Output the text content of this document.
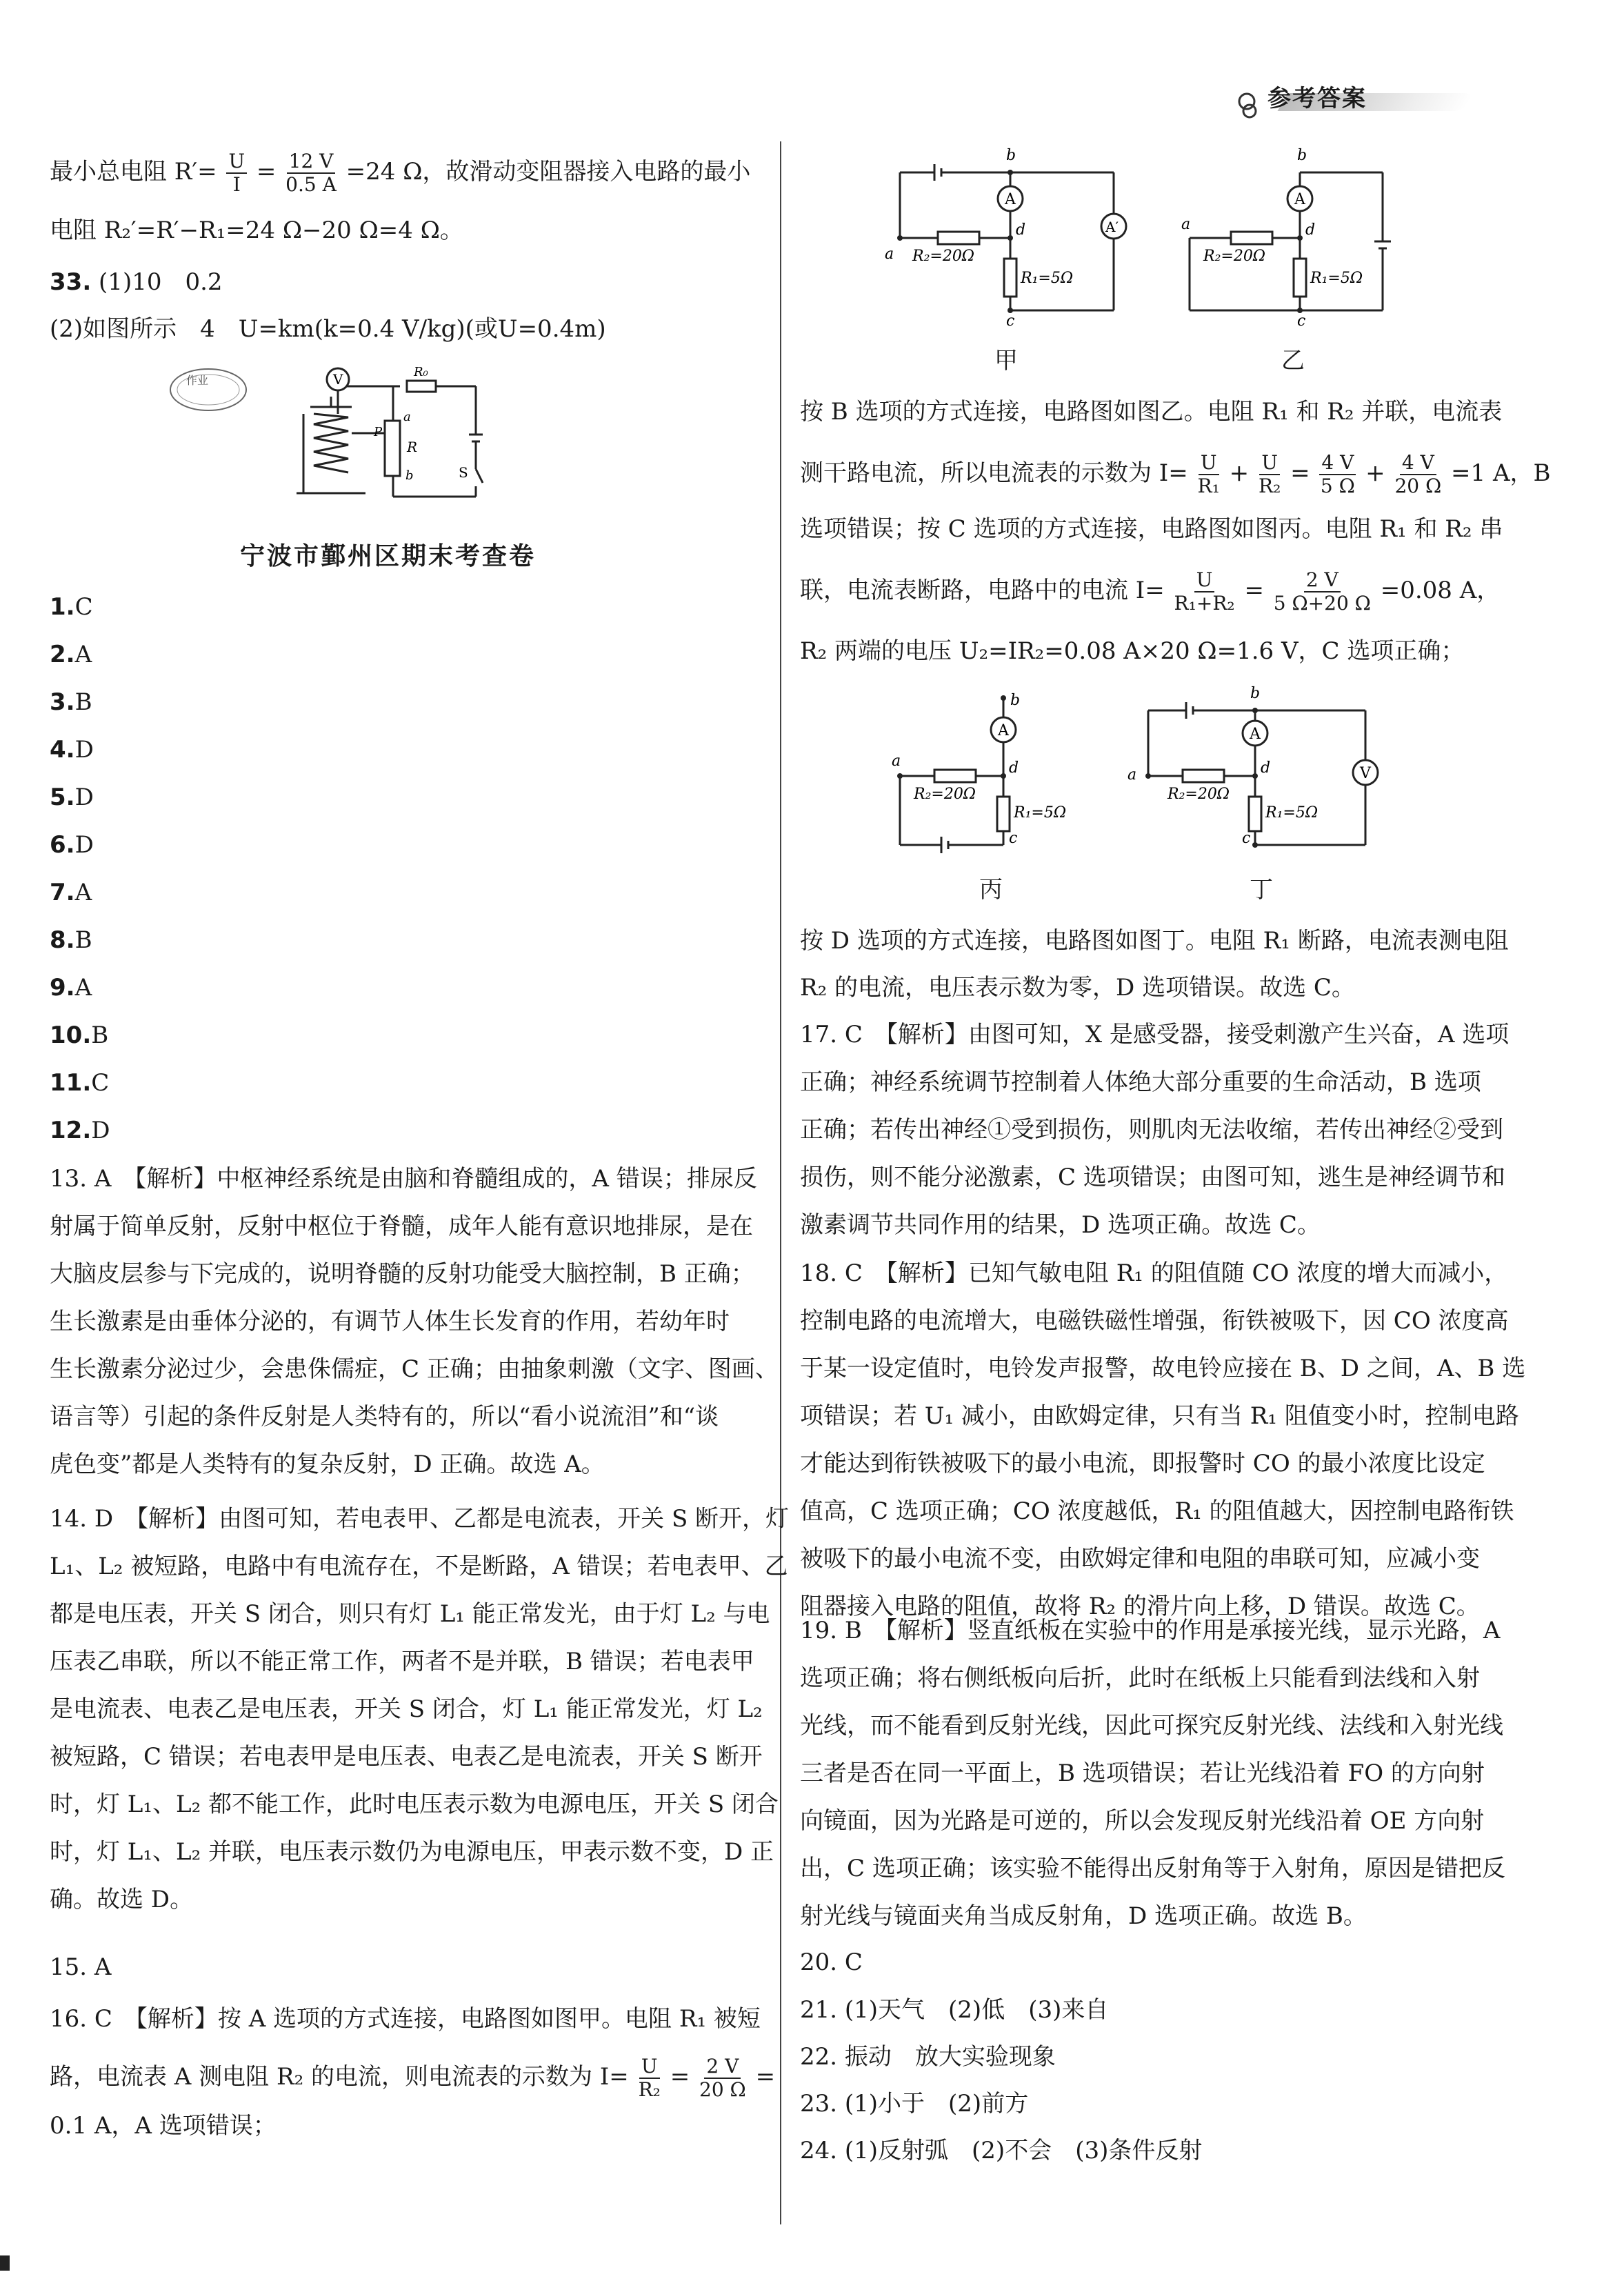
参考答案
最小总电阻 $R'= \frac{U}{I} = \frac{12 V}{0.5 A} =24$ Ω，故滑动变阻器接入电路的最小
电阻 R₂′=R′−R₁=24 Ω−20 Ω=4 Ω。
33. (1)10　0.2
(2)如图所示　4　U=km(k=0.4 V/kg)(或U=0.4m)
作业	V	R₀
a
P
R
b	S
宁波市鄞州区期末考查卷
1.C
2.A
3.B
4.D
5.D
6.D
7.A
8.B
9.A
10.B
11.C
12.D
13. A　【解析】中枢神经系统是由脑和脊髓组成的，A 错误；排尿反
射属于简单反射，反射中枢位于脊髓，成年人能有意识地排尿，是在
大脑皮层参与下完成的，说明脊髓的反射功能受大脑控制，B 正确；
生长激素是由垂体分泌的，有调节人体生长发育的作用，若幼年时
生长激素分泌过少，会患侏儒症，C 正确；由抽象刺激（文字、图画、
语言等）引起的条件反射是人类特有的，所以“看小说流泪”和“谈
虎色变”都是人类特有的复杂反射，D 正确。故选 A。
14. D　【解析】由图可知，若电表甲、乙都是电流表，开关 S 断开，灯
L₁、L₂ 被短路，电路中有电流存在，不是断路，A 错误；若电表甲、乙
都是电压表，开关 S 闭合，则只有灯 L₁ 能正常发光，由于灯 L₂ 与电
压表乙串联，所以不能正常工作，两者不是并联，B 错误；若电表甲
是电流表、电表乙是电压表，开关 S 闭合，灯 L₁ 能正常发光，灯 L₂
被短路，C 错误；若电表甲是电压表、电表乙是电流表，开关 S 断开
时，灯 L₁、L₂ 都不能工作，此时电压表示数为电源电压，开关 S 闭合
时，灯 L₁、L₂ 并联，电压表示数仍为电源电压，甲表示数不变，D 正
确。故选 D。
15. A
16. C　【解析】按 A 选项的方式连接，电路图如图甲。电阻 R₁ 被短
路，电流表 A 测电阻 R₂ 的电流，则电流表的示数为 $I= \frac{U}{\text{R₂}} = \frac{2 V}{20 \Omega}$ =
0.1 A，A 选项错误；
A
A′
b
a
d
c
R₂=20Ω
R₁=5Ω
甲
A
b
a	d
c
R₂=20Ω
R₁=5Ω
乙
按 B 选项的方式连接，电路图如图乙。电阻 R₁ 和 R₂ 并联，电流表
测干路电流，所以电流表的示数为 $I= \frac{U}{\text{R₁}} + \frac{U}{\text{R₂}} = \frac{4 V}{5 \Omega} + \frac{4 V}{20 \Omega} =1$ A，B
选项错误；按 C 选项的方式连接，电路图如图丙。电阻 R₁ 和 R₂ 串
联，电流表断路，电路中的电流 $I= \frac{U}{\text{R₁+R₂}} = \frac{2 V}{5 \Omega+20 \Omega} =0.08$ A，
R₂ 两端的电压 U₂=IR₂=0.08 A×20 Ω=1.6 V，C 选项正确；
A
b
a	d
c
R₂=20Ω
R₁=5Ω
丙
A
V
b
a	d
c
R₂=20Ω
R₁=5Ω
丁
按 D 选项的方式连接，电路图如图丁。电阻 R₁ 断路，电流表测电阻
R₂ 的电流，电压表示数为零，D 选项错误。故选 C。
17. C　【解析】由图可知，X 是感受器，接受刺激产生兴奋，A 选项
正确；神经系统调节控制着人体绝大部分重要的生命活动，B 选项
正确；若传出神经①受到损伤，则肌肉无法收缩，若传出神经②受到
损伤，则不能分泌激素，C 选项错误；由图可知，逃生是神经调节和
激素调节共同作用的结果，D 选项正确。故选 C。
18. C　【解析】已知气敏电阻 R₁ 的阻值随 CO 浓度的增大而减小，
控制电路的电流增大，电磁铁磁性增强，衔铁被吸下，因 CO 浓度高
于某一设定值时，电铃发声报警，故电铃应接在 B、D 之间，A、B 选
项错误；若 U₁ 减小，由欧姆定律，只有当 R₁ 阻值变小时，控制电路
才能达到衔铁被吸下的最小电流，即报警时 CO 的最小浓度比设定
值高，C 选项正确；CO 浓度越低，R₁ 的阻值越大，因控制电路衔铁
被吸下的最小电流不变，由欧姆定律和电阻的串联可知，应减小变
阻器接入电路的阻值，故将 R₂ 的滑片向上移，D 错误。故选 C。
19. B　【解析】竖直纸板在实验中的作用是承接光线，显示光路，A
选项正确；将右侧纸板向后折，此时在纸板上只能看到法线和入射
光线，而不能看到反射光线，因此可探究反射光线、法线和入射光线
三者是否在同一平面上，B 选项错误；若让光线沿着 FO 的方向射
向镜面，因为光路是可逆的，所以会发现反射光线沿着 OE 方向射
出，C 选项正确；该实验不能得出反射角等于入射角，原因是错把反
射光线与镜面夹角当成反射角，D 选项正确。故选 B。
20. C
21. (1)天气　(2)低　(3)来自
22. 振动　放大实验现象
23. (1)小于　(2)前方
24. (1)反射弧　(2)不会　(3)条件反射
